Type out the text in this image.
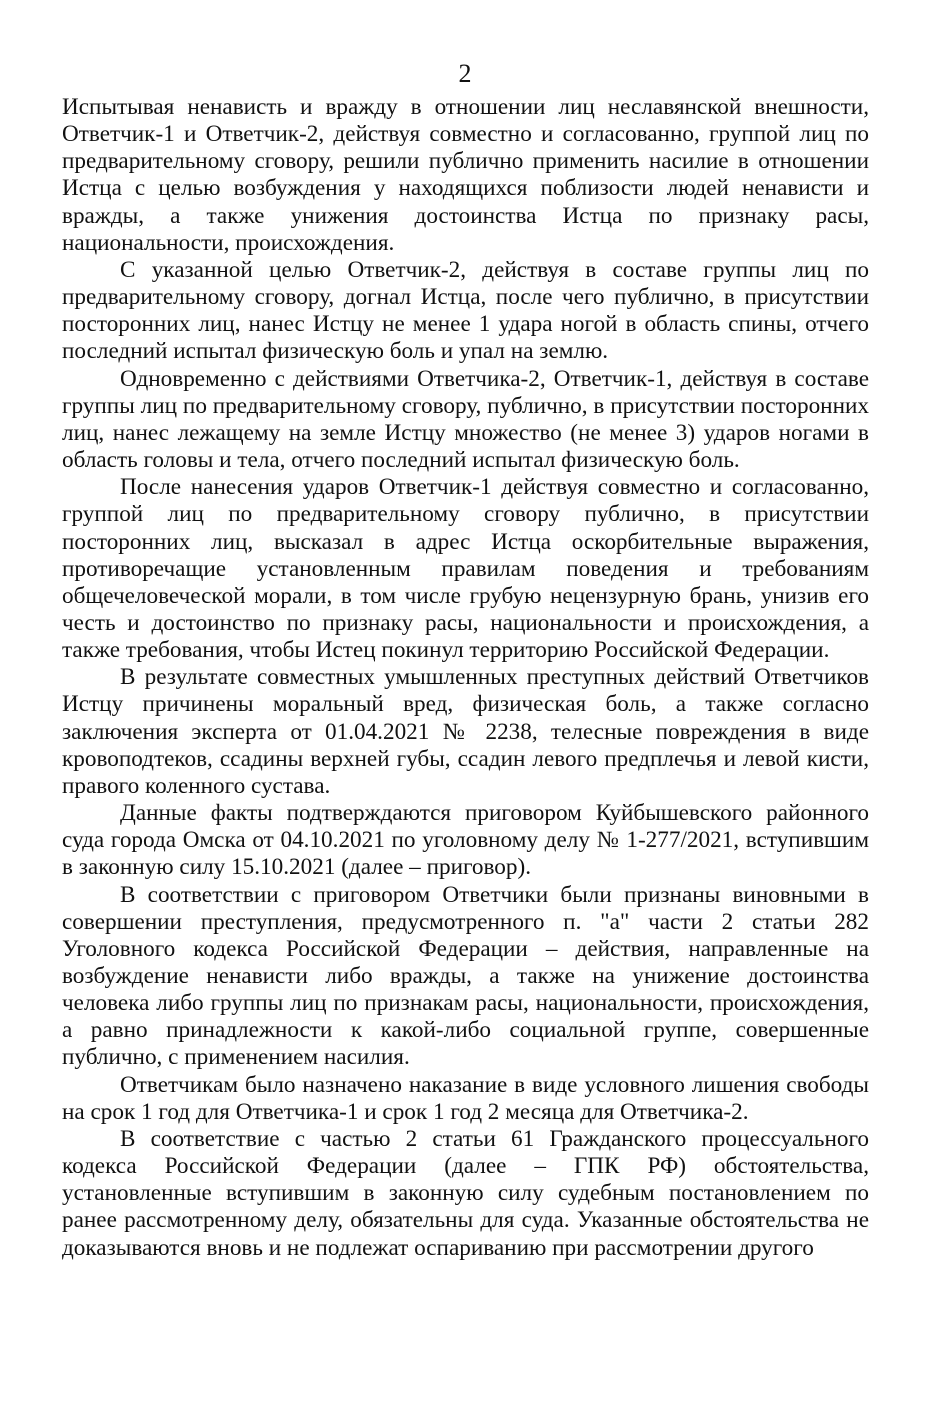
2

Испытывая ненависть и вражду в отношении лиц неславянской внешности, Ответчик-1 и Ответчик-2, действуя совместно и согласованно, группой лиц по предварительному сговору, решили публично применить насилие в отношении Истца с целью возбуждения у находящихся поблизости людей ненависти и вражды, а также унижения достоинства Истца по признаку расы, национальности, происхождения.

С указанной целью Ответчик-2, действуя в составе группы лиц по предварительному сговору, догнал Истца, после чего публично, в присутствии посторонних лиц, нанес Истцу не менее 1 удара ногой в область спины, отчего последний испытал физическую боль и упал на землю.

Одновременно с действиями Ответчика-2, Ответчик-1, действуя в составе группы лиц по предварительному сговору, публично, в присутствии посторонних лиц, нанес лежащему на земле Истцу множество (не менее 3) ударов ногами в область головы и тела, отчего последний испытал физическую боль.

После нанесения ударов Ответчик-1 действуя совместно и согласованно, группой лиц по предварительному сговору публично, в присутствии посторонних лиц, высказал в адрес Истца оскорбительные выражения, противоречащие установленным правилам поведения и требованиям общечеловеческой морали, в том числе грубую нецензурную брань, унизив его честь и достоинство по признаку расы, национальности и происхождения, а также требования, чтобы Истец покинул территорию Российской Федерации.

В результате совместных умышленных преступных действий Ответчиков Истцу причинены моральный вред, физическая боль, а также согласно заключения эксперта от 01.04.2021 № 2238, телесные повреждения в виде кровоподтеков, ссадины верхней губы, ссадин левого предплечья и левой кисти, правого коленного сустава.

Данные факты подтверждаются приговором Куйбышевского районного суда города Омска от 04.10.2021 по уголовному делу № 1-277/2021, вступившим в законную силу 15.10.2021 (далее – приговор).

В соответствии с приговором Ответчики были признаны виновными в совершении преступления, предусмотренного п. "а" части 2 статьи 282 Уголовного кодекса Российской Федерации – действия, направленные на возбуждение ненависти либо вражды, а также на унижение достоинства человека либо группы лиц по признакам расы, национальности, происхождения, а равно принадлежности к какой-либо социальной группе, совершенные публично, с применением насилия.

Ответчикам было назначено наказание в виде условного лишения свободы на срок 1 год для Ответчика-1 и срок 1 год 2 месяца для Ответчика-2.

В соответствие с частью 2 статьи 61 Гражданского процессуального кодекса Российской Федерации (далее – ГПК РФ) обстоятельства, установленные вступившим в законную силу судебным постановлением по ранее рассмотренному делу, обязательны для суда. Указанные обстоятельства не доказываются вновь и не подлежат оспариванию при рассмотрении другого
